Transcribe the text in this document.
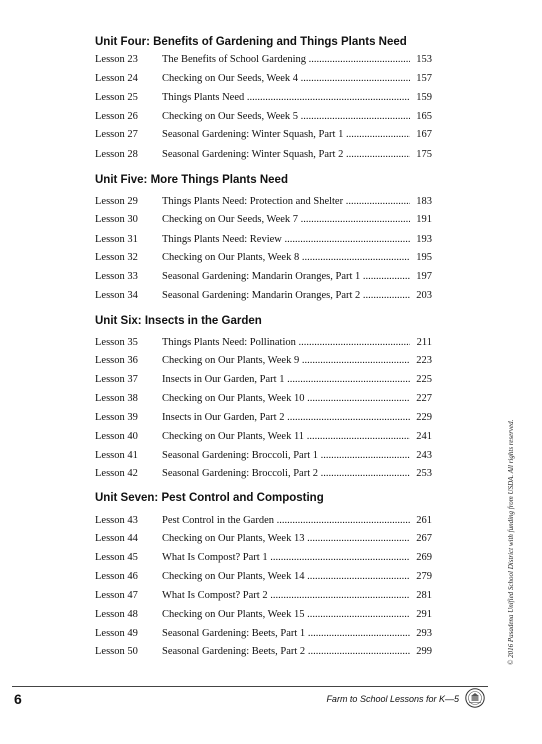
Unit Four: Benefits of Gardening and Things Plants Need
Lesson 23 The Benefits of School Gardening .....	153
Lesson 24 Checking on Our Seeds, Week 4 .....	157
Lesson 25 Things Plants Need .....	159
Lesson 26 Checking on Our Seeds, Week 5 .....	165
Lesson 27 Seasonal Gardening: Winter Squash, Part 1 .....	167
Lesson 28 Seasonal Gardening: Winter Squash, Part 2 .....	175
Unit Five: More Things Plants Need
Lesson 29 Things Plants Need: Protection and Shelter .....	183
Lesson 30 Checking on Our Seeds, Week 7 .....	191
Lesson 31 Things Plants Need: Review .....	193
Lesson 32 Checking on Our Plants, Week 8 .....	195
Lesson 33 Seasonal Gardening: Mandarin Oranges, Part 1 .....	197
Lesson 34 Seasonal Gardening: Mandarin Oranges, Part 2 .....	203
Unit Six: Insects in the Garden
Lesson 35 Things Plants Need: Pollination .....	211
Lesson 36 Checking on Our Plants, Week 9 .....	223
Lesson 37 Insects in Our Garden, Part 1 .....	225
Lesson 38 Checking on Our Plants, Week 10 .....	227
Lesson 39 Insects in Our Garden, Part 2 .....	229
Lesson 40 Checking on Our Plants, Week 11 .....	241
Lesson 41 Seasonal Gardening: Broccoli, Part 1 .....	243
Lesson 42 Seasonal Gardening: Broccoli, Part 2 .....	253
Unit Seven: Pest Control and Composting
Lesson 43 Pest Control in the Garden .....	261
Lesson 44 Checking on Our Plants, Week 13 .....	267
Lesson 45 What Is Compost? Part 1 .....	269
Lesson 46 Checking on Our Plants, Week 14 .....	279
Lesson 47 What Is Compost? Part 2 .....	281
Lesson 48 Checking on Our Plants, Week 15 .....	291
Lesson 49 Seasonal Gardening: Beets, Part 1 .....	293
Lesson 50 Seasonal Gardening: Beets, Part 2 .....	299	© 2016 Pasadena Unified School District with funding from USDA. All rights reserved.
6	Farm to School Lessons for K—5
